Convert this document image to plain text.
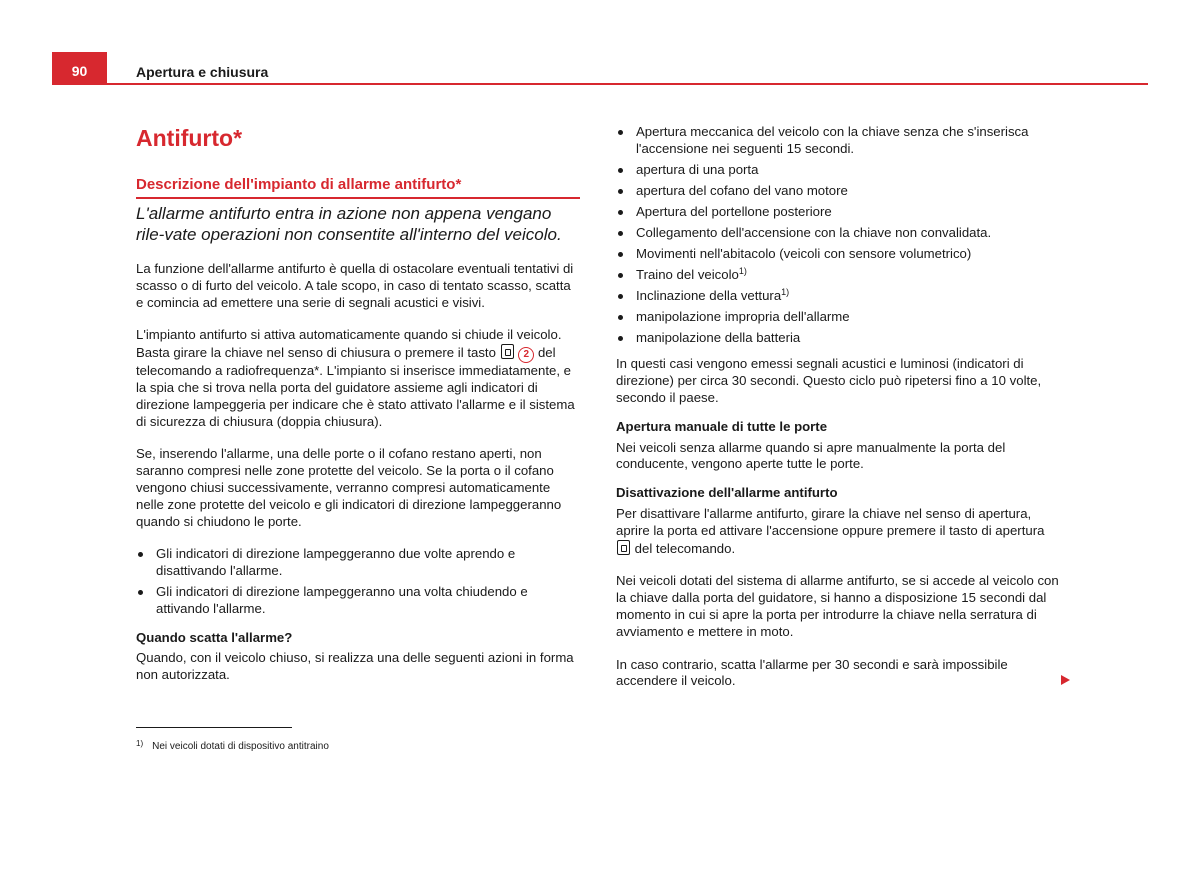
90	Apertura e chiusura
Antifurto*
Descrizione dell'impianto di allarme antifurto*

L'allarme antifurto entra in azione non appena vengano rile-vate operazioni non consentite all'interno del veicolo.

La funzione dell'allarme antifurto è quella di ostacolare eventuali tentativi di scasso o di furto del veicolo. A tale scopo, in caso di tentato scasso, scatta e comincia ad emettere una serie di segnali acustici e visivi.

L'impianto antifurto si attiva automaticamente quando si chiude il veicolo. Basta girare la chiave nel senso di chiusura o premere il tasto	2 del telecomando a radiofrequenza*. L'impianto si inserisce immediatamente, e la spia che si trova nella porta del guidatore assieme agli indicatori di direzione lampeggeria per indicare che è stato attivato l'allarme e il sistema di sicurezza di chiusura (doppia chiusura).

Se, inserendo l'allarme, una delle porte o il cofano restano aperti, non saranno compresi nelle zone protette del veicolo. Se la porta o il cofano vengono chiusi successivamente, verranno compresi automaticamente nelle zone protette del veicolo e gli indicatori di direzione lampeggeranno quando si chiudono le porte.

Gli indicatori di direzione lampeggeranno due volte aprendo e disattivando l'allarme.
Gli indicatori di direzione lampeggeranno una volta chiudendo e attivando l'allarme.

Quando scatta l'allarme?

Quando, con il veicolo chiuso, si realizza una delle seguenti azioni in forma non autorizzata.

Apertura meccanica del veicolo con la chiave senza che s'inserisca l'accensione nei seguenti 15 secondi.
apertura di una porta
apertura del cofano del vano motore
Apertura del portellone posteriore
Collegamento dell'accensione con la chiave non convalidata.
Movimenti nell'abitacolo (veicoli con sensore volumetrico)
Traino del veicolo$^{1)}$
Inclinazione della vettura$^{1)}$
manipolazione impropria dell'allarme
manipolazione della batteria

In questi casi vengono emessi segnali acustici e luminosi (indicatori di direzione) per circa 30 secondi. Questo ciclo può ripetersi fino a 10 volte, secondo il paese.

Apertura manuale di tutte le porte

Nei veicoli senza allarme quando si apre manualmente la porta del conducente, vengono aperte tutte le porte.

Disattivazione dell'allarme antifurto

Per disattivare l'allarme antifurto, girare la chiave nel senso di apertura, aprire la porta ed attivare l'accensione oppure premere il tasto di apertura  del telecomando.

Nei veicoli dotati del sistema di allarme antifurto, se si accede al veicolo con la chiave dalla porta del guidatore, si hanno a disposizione 15 secondi dal momento in cui si apre la porta per introdurre la chiave nella serratura di avviamento e mettere in moto.

In caso contrario, scatta l'allarme per 30 secondi e sarà impossibile accendere il veicolo.

$^{1)}$ Nei veicoli dotati di dispositivo antitraino
